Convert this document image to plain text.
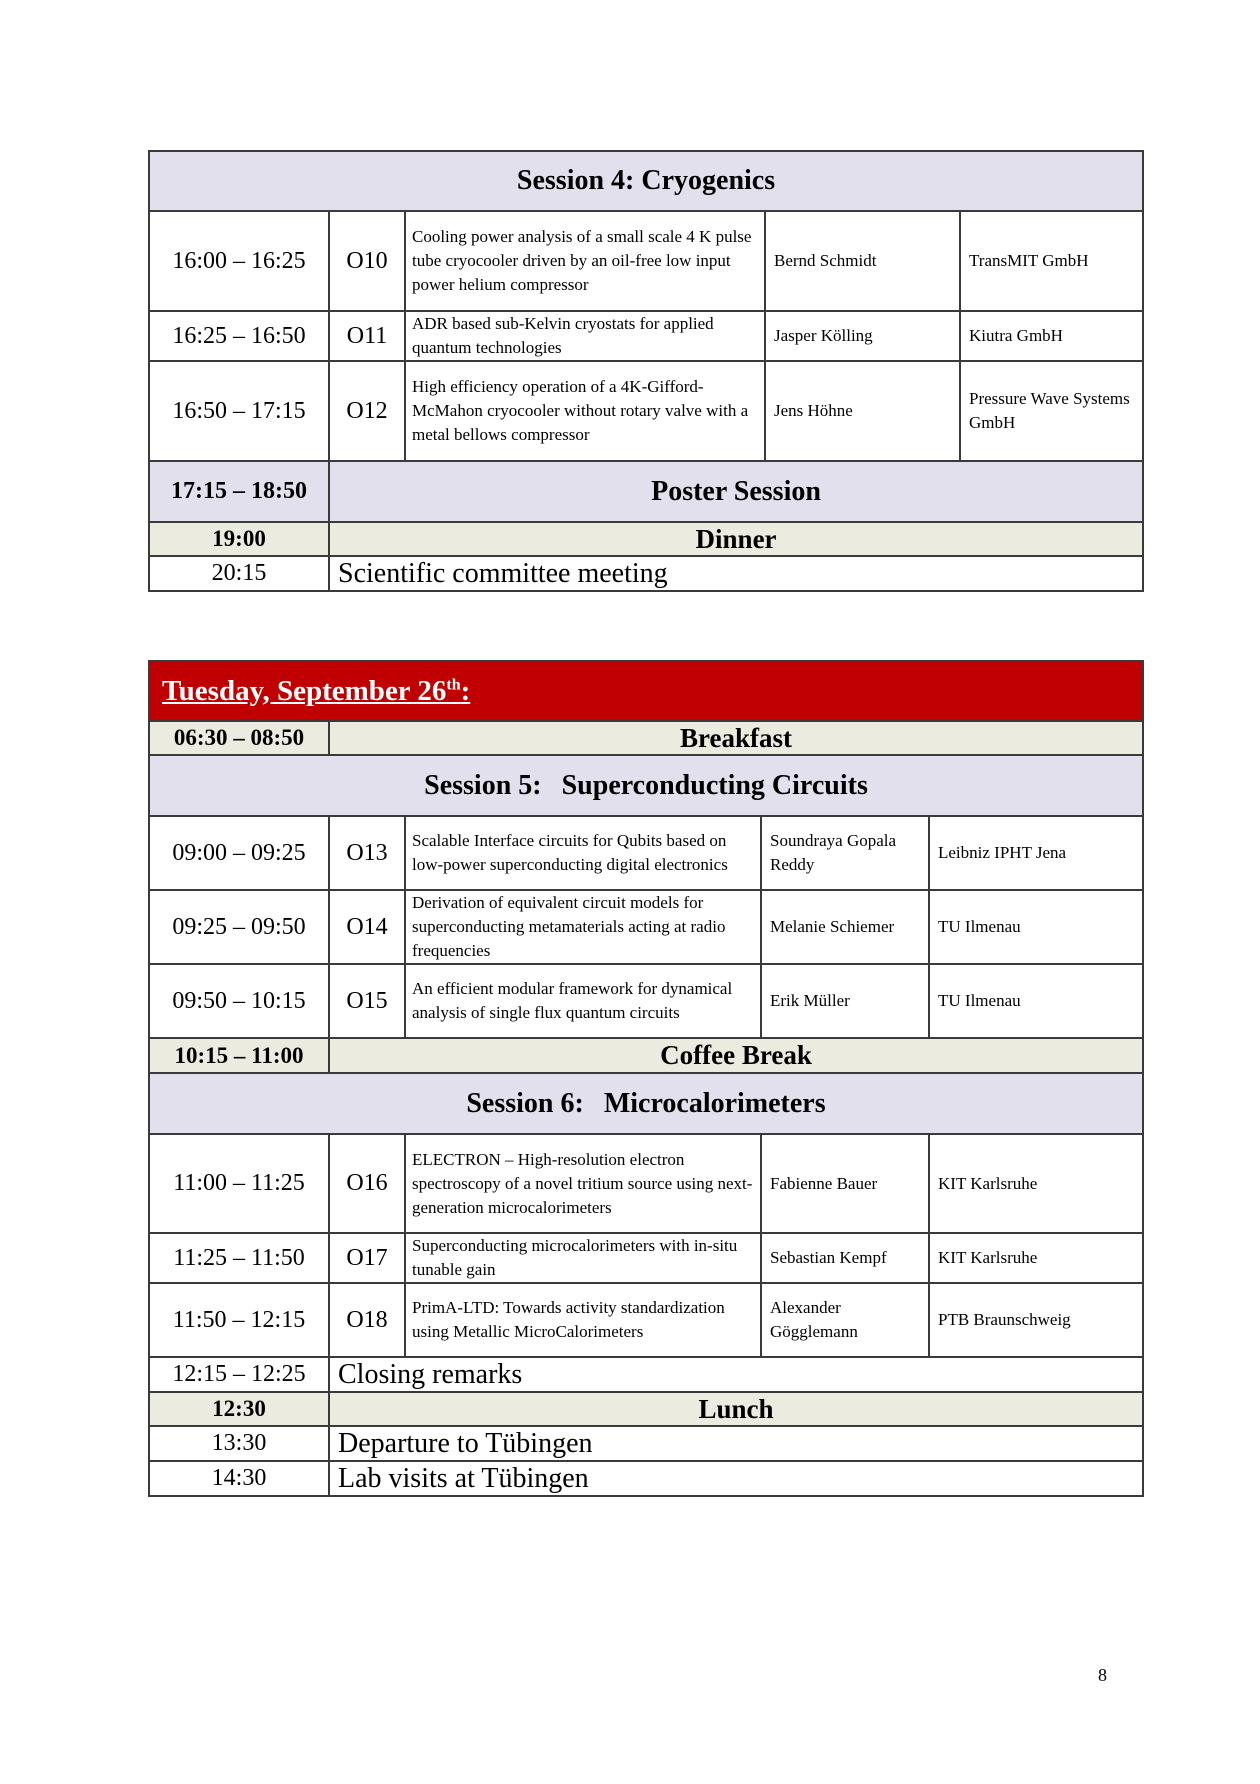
Session 4: Cryogenics				
16:00 – 16:25	O10	Cooling power analysis of a small scale 4 K pulse tube cryocooler driven by an oil-free low input power helium compressor	Bernd Schmidt	TransMIT GmbH
16:25 – 16:50	O11	ADR based sub-Kelvin cryostats for applied quantum technologies	Jasper Kölling	Kiutra GmbH
16:50 – 17:15	O12	High efficiency operation of a 4K-Gifford-McMahon cryocooler without rotary valve with a metal bellows compressor	Jens Höhne	Pressure Wave Systems GmbH
17:15 – 18:50	Poster Session			
19:00	Dinner			
20:15	Scientific committee meeting			
Tuesday, September 26th:				
06:30 – 08:50	Breakfast			
Session 5: Superconducting Circuits				
09:00 – 09:25	O13	Scalable Interface circuits for Qubits based on low-power superconducting digital electronics	Soundraya Gopala Reddy	Leibniz IPHT Jena
09:25 – 09:50	O14	Derivation of equivalent circuit models for superconducting metamaterials acting at radio frequencies	Melanie Schiemer	TU Ilmenau
09:50 – 10:15	O15	An efficient modular framework for dynamical analysis of single flux quantum circuits	Erik Müller	TU Ilmenau
10:15 – 11:00	Coffee Break			
Session 6: Microcalorimeters				
11:00 – 11:25	O16	ELECTRON – High-resolution electron spectroscopy of a novel tritium source using next-generation microcalorimeters	Fabienne Bauer	KIT Karlsruhe
11:25 – 11:50	O17	Superconducting microcalorimeters with in-situ tunable gain	Sebastian Kempf	KIT Karlsruhe
11:50 – 12:15	O18	PrimA-LTD: Towards activity standardization using Metallic MicroCalorimeters	Alexander Gögglemann	PTB Braunschweig
12:15 – 12:25	Closing remarks			
12:30	Lunch			
13:30	Departure to Tübingen			
14:30	Lab visits at Tübingen			
8
